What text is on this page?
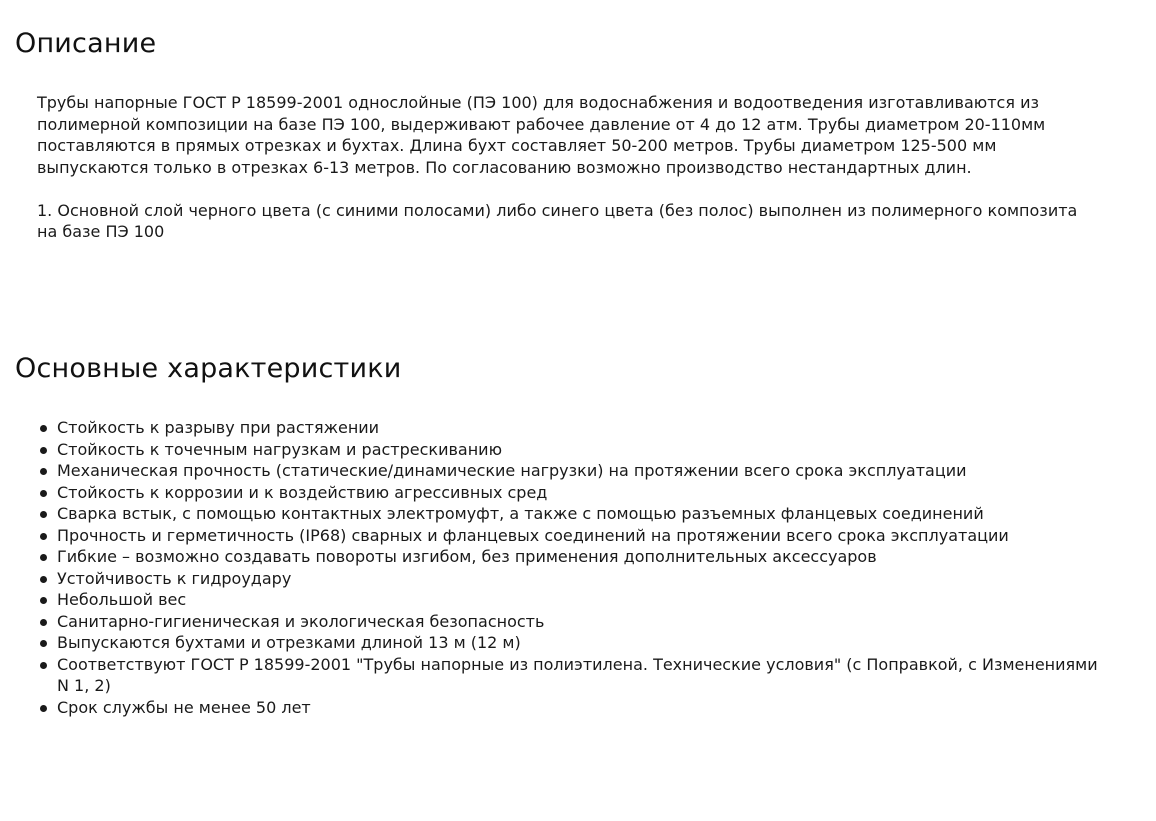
Описание

Трубы напорные ГОСТ Р 18599-2001 однослойные (ПЭ 100) для водоснабжения и водоотведения изготавливаются из полимерной композиции на базе ПЭ 100, выдерживают рабочее давление от 4 до 12 атм. Трубы диаметром 20-110мм поставляются в прямых отрезках и бухтах. Длина бухт составляет 50-200 метров. Трубы диаметром 125-500 мм выпускаются только в отрезках 6-13 метров. По согласованию возможно производство нестандартных длин.

1. Основной слой черного цвета (с синими полосами) либо синего цвета (без полос) выполнен из полимерного композита на базе ПЭ 100

Основные характеристики
Стойкость к разрыву при растяжении
Стойкость к точечным нагрузкам и растрескиванию
Механическая прочность (статические/динамические нагрузки) на протяжении всего срока эксплуатации
Стойкость к коррозии и к воздействию агрессивных сред
Сварка встык, с помощью контактных электромуфт, а также с помощью разъемных фланцевых соединений
Прочность и герметичность (IP68) сварных и фланцевых соединений на протяжении всего срока эксплуатации
Гибкие – возможно создавать повороты изгибом, без применения дополнительных аксессуаров
Устойчивость к гидроудару
Небольшой вес
Санитарно-гигиеническая и экологическая безопасность
Выпускаются бухтами и отрезками длиной 13 м (12 м)
Соответствуют ГОСТ Р 18599-2001 "Трубы напорные из полиэтилена. Технические условия" (с Поправкой, с Изменениями N 1, 2)
Срок службы не менее 50 лет
